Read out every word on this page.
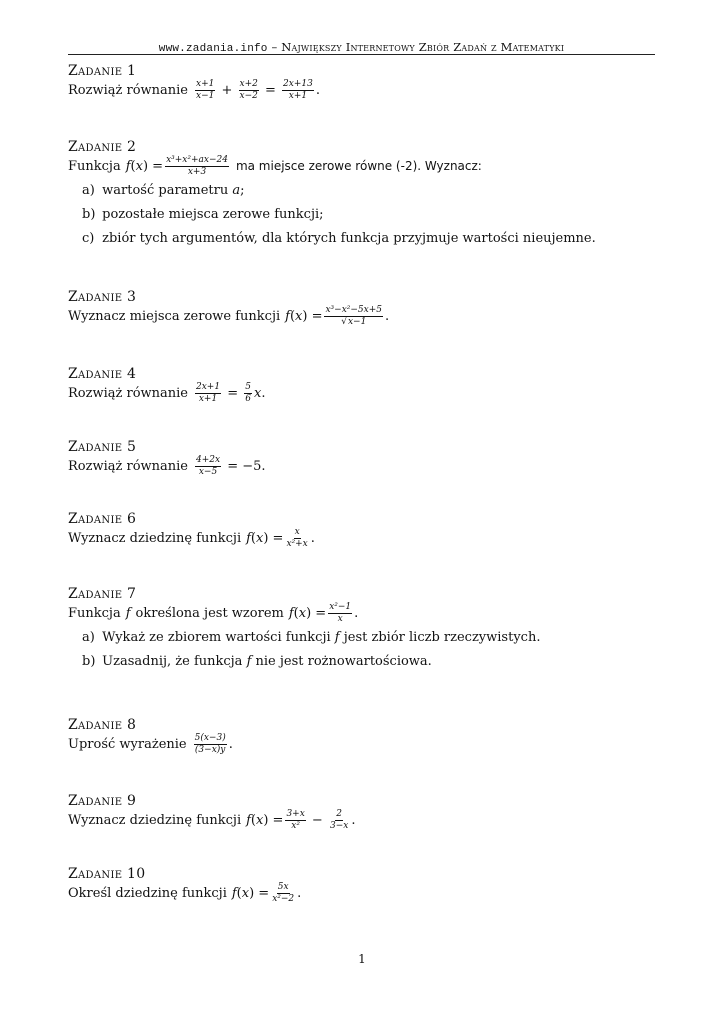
www.zadania.info – Największy Internetowy Zbiór Zadań z Matematyki
Zadanie 1
Rozwiąż równanie $\frac{x+1}{x-1} + \frac{x+2}{x-2} = \frac{2x+13}{x+1}$ .
Zadanie 2
Funkcja f ( x ) = $\frac{\text{x³+x²+ax−24}}{x+3}$ ma miejsce zerowe równe (-2). Wyznacz:
a) wartość parametru a;
b) pozostałe miejsca zerowe funkcji;
c) zbiór tych argumentów, dla których funkcja przyjmuje wartości nieujemne.
Zadanie 3
Wyznacz miejsca zerowe funkcji f ( x ) = $\frac{\text{x³−x²−5x+5}}{√x-1}$ .
Zadanie 4
Rozwiąż równanie $\frac{2x+1}{x+1} = \frac{5}{6}$ x .
Zadanie 5
Rozwiąż równanie $\frac{4+2x}{x-5} = -5$.
Zadanie 6
Wyznacz dziedzinę funkcji f ( x ) = $\frac{x}{\text{x²+x}}$ .
Zadanie 7
Funkcja f określona jest wzorem f ( x ) = $\frac{\text{x²−1}}{x}$ .
a) Wykaż ze zbiorem wartości funkcji f jest zbiór liczb rzeczywistych.
b) Uzasadnij, że funkcja f nie jest rożnowartościowa.
Zadanie 8
Uprość wyrażenie $\frac{5(x-3)}{(3-x)y}$ .
Zadanie 9
Wyznacz dziedzinę funkcji f ( x ) = $\frac{3+x}{\text{x²}} - \frac{2}{3-x}$ .
Zadanie 10
Określ dziedzinę funkcji f ( x ) = $\frac{5x}{\text{x²−2}}$ .
1
